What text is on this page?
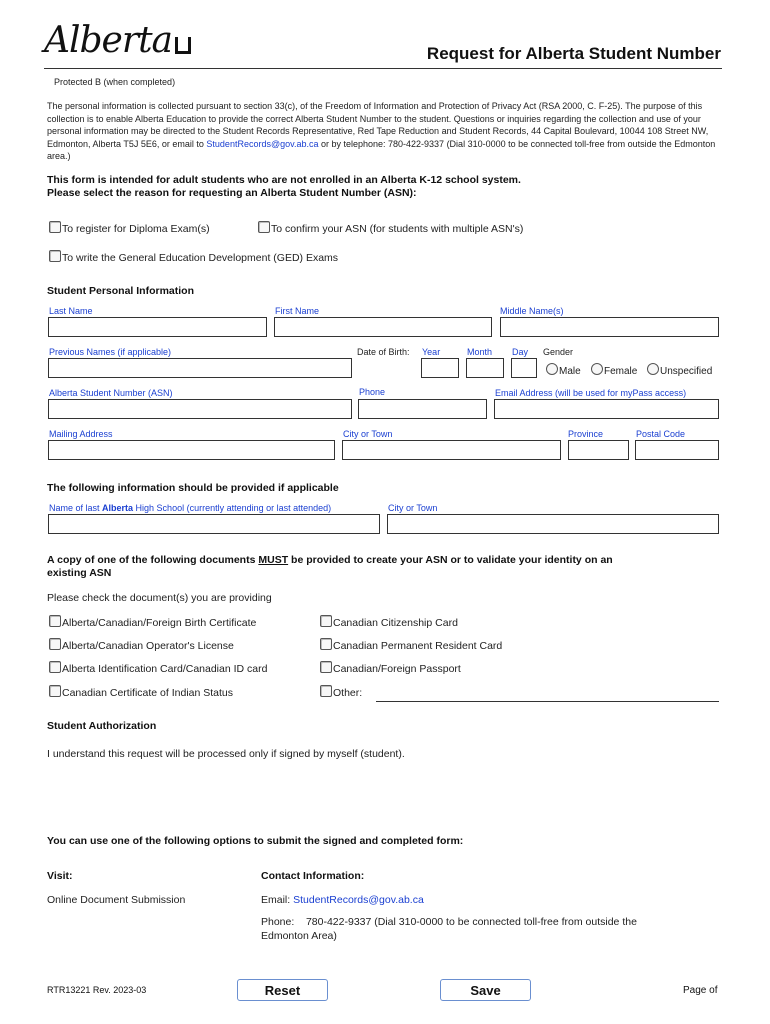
Alberta	Request for Alberta Student Number
Protected B (when completed)
The personal information is collected pursuant to section 33(c), of the Freedom of Information and Protection of Privacy Act (RSA 2000, C. F-25). The purpose of this collection is to enable Alberta Education to provide the correct Alberta Student Number to the student. Questions or inquiries regarding the collection and use of your personal information may be directed to the Student Records Representative, Red Tape Reduction and Student Records, 44 Capital Boulevard, 10044 108 Street NW, Edmonton, Alberta T5J 5E6, or email to StudentRecords@gov.ab.ca or by telephone: 780-422-9337 (Dial 310-0000 to be connected toll-free from outside the Edmonton area.)
This form is intended for adult students who are not enrolled in an Alberta K-12 school system.
Please select the reason for requesting an Alberta Student Number (ASN):
To register for Diploma Exam(s)	To confirm your ASN (for students with multiple ASN's)
To write the General Education Development (GED) Exams
Student Personal Information
Last Name	First Name	Middle Name(s)
Previous Names (if applicable)	Date of Birth: Year	Month Day Gender
Male	Female	Unspecified
Alberta Student Number (ASN)	Phone	Email Address (will be used for myPass access)
Mailing Address	City or Town	Province	Postal Code
The following information should be provided if applicable
Name of last Alberta High School (currently attending or last attended)	City or Town
A copy of one of the following documents MUST be provided to create your ASN or to validate your identity on an
existing ASN
Please check the document(s) you are providing
Alberta/Canadian/Foreign Birth Certificate
Alberta/Canadian Operator's License
Alberta Identification Card/Canadian ID card
Canadian Certificate of Indian Status
Canadian Citizenship Card
Canadian Permanent Resident Card
Canadian/Foreign Passport
Other:
Student Authorization
I understand this request will be processed only if signed by myself (student).
You can use one of the following options to submit the signed and completed form:
Visit:
Online Document Submission
Contact Information:
Email: StudentRecords@gov.ab.ca
Phone: 780-422-9337 (Dial 310-0000 to be connected toll-free from outside the
Edmonton Area)
RTR13221 Rev. 2023-03	Reset	Save	Page of
